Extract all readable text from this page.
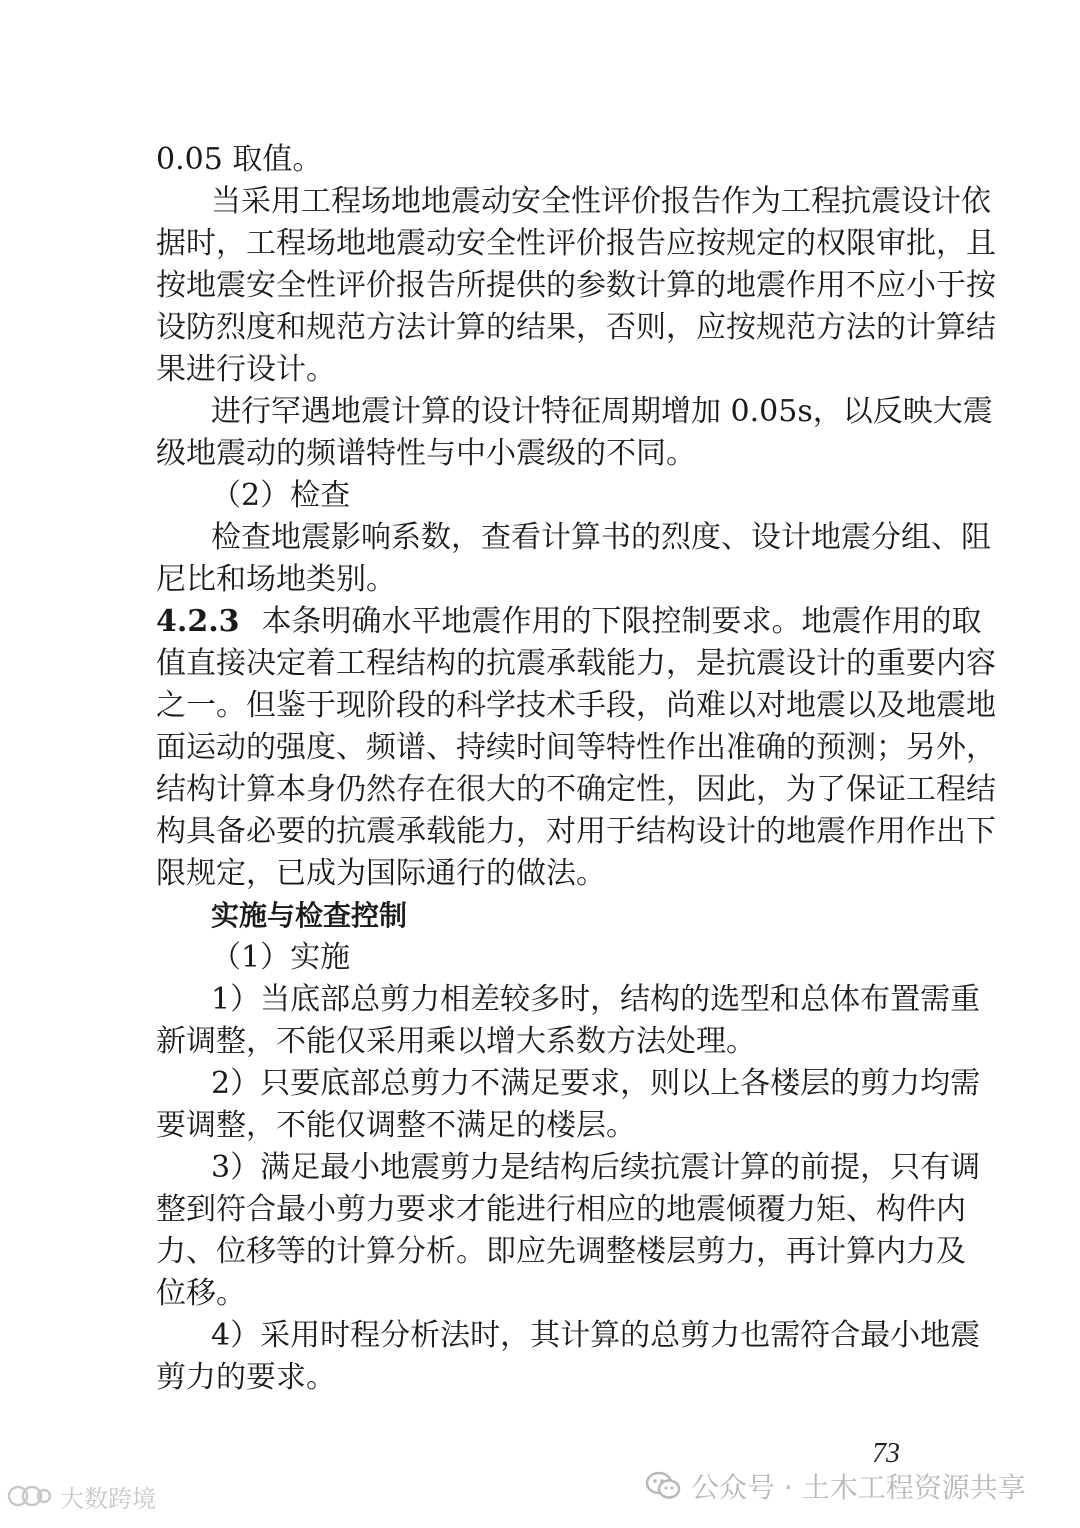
0.05 取值。
当采用工程场地地震动安全性评价报告作为工程抗震设计依
据时，工程场地地震动安全性评价报告应按规定的权限审批，且
按地震安全性评价报告所提供的参数计算的地震作用不应小于按
设防烈度和规范方法计算的结果，否则，应按规范方法的计算结
果进行设计。
进行罕遇地震计算的设计特征周期增加 0.05s，以反映大震
级地震动的频谱特性与中小震级的不同。
（2）检查
检查地震影响系数，查看计算书的烈度、设计地震分组、阻
尼比和场地类别。
4.2.3 本条明确水平地震作用的下限控制要求。地震作用的取
值直接决定着工程结构的抗震承载能力，是抗震设计的重要内容
之一。但鉴于现阶段的科学技术手段，尚难以对地震以及地震地
面运动的强度、频谱、持续时间等特性作出准确的预测；另外，
结构计算本身仍然存在很大的不确定性，因此，为了保证工程结
构具备必要的抗震承载能力，对用于结构设计的地震作用作出下
限规定，已成为国际通行的做法。
实施与检查控制
（1）实施
1）当底部总剪力相差较多时，结构的选型和总体布置需重
新调整，不能仅采用乘以增大系数方法处理。
2）只要底部总剪力不满足要求，则以上各楼层的剪力均需
要调整，不能仅调整不满足的楼层。
3）满足最小地震剪力是结构后续抗震计算的前提，只有调
整到符合最小剪力要求才能进行相应的地震倾覆力矩、构件内
力、位移等的计算分析。即应先调整楼层剪力，再计算内力及
位移。
4）采用时程分析法时，其计算的总剪力也需符合最小地震
剪力的要求。
73
公众号 · 土木工程资源共享
大数跨境
